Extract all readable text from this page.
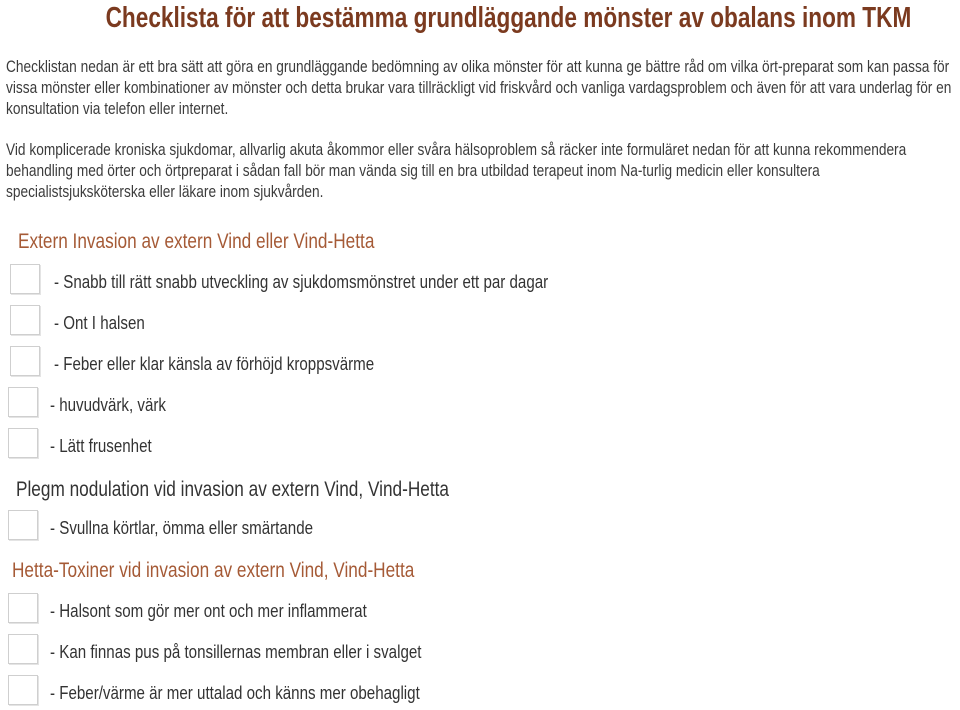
Checklista för att bestämma grundläggande mönster av obalans inom TKM
Checklistan nedan är ett bra sätt att göra en grundläggande bedömning av olika mönster för att kunna ge bättre råd om vilka ört-preparat som kan passa för vissa mönster eller kombinationer av mönster och detta brukar vara tillräckligt vid friskvård och vanliga vardagsproblem och även för att vara underlag för en konsultation via telefon eller internet.
Vid komplicerade kroniska sjukdomar, allvarlig akuta åkommor eller svåra hälsoproblem så räcker inte formuläret nedan för att kunna rekommendera behandling med örter och örtpreparat i sådan fall bör man vända sig till en bra utbildad terapeut inom Na-turlig medicin eller konsultera specialistsjuksköterska eller läkare inom sjukvården.
Extern Invasion av extern Vind eller Vind-Hetta
- Snabb till rätt snabb utveckling av sjukdomsmönstret under ett par dagar
- Ont I halsen
- Feber eller klar känsla av förhöjd kroppsvärme
- huvudvärk, värk
- Lätt frusenhet
Plegm nodulation vid invasion av extern Vind, Vind-Hetta
- Svullna körtlar, ömma eller smärtande
Hetta-Toxiner vid invasion av extern Vind, Vind-Hetta
- Halsont som gör mer ont och mer inflammerat
- Kan finnas pus på tonsillernas membran eller i svalget
- Feber/värme är mer uttalad och känns mer obehagligt
